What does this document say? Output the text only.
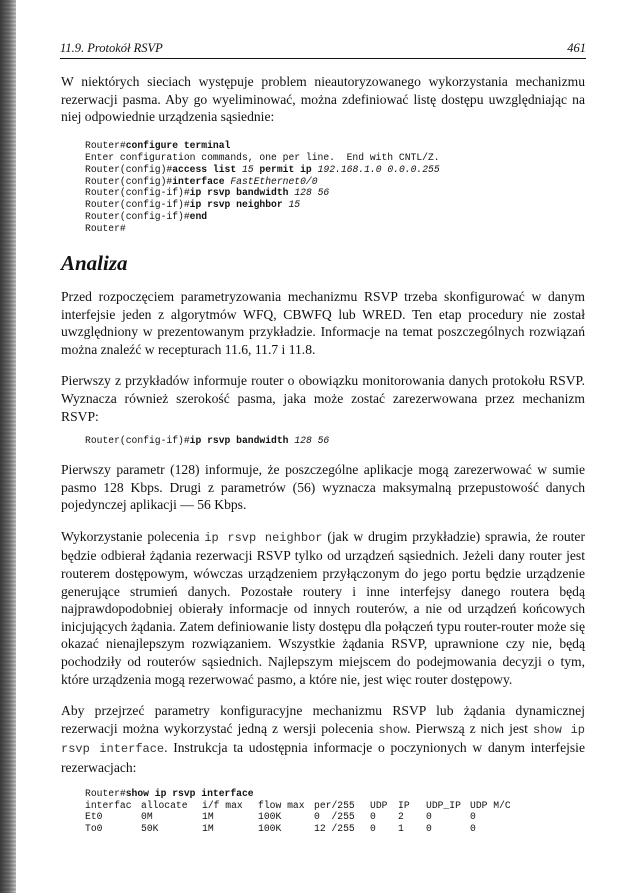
11.9. Protokół RSVP	461

W niektórych sieciach występuje problem nieautoryzowanego wykorzystania mechanizmu rezerwacji pasma. Aby go wyeliminować, można zdefiniować listę dostępu uwzględniając na niej odpowiednie urządzenia sąsiednie:

Router#configure terminal
Enter configuration commands, one per line.  End with CNTL/Z.
Router(config)#access list 15 permit ip 192.168.1.0 0.0.0.255
Router(config)#interface FastEthernet0/0
Router(config-if)#ip rsvp bandwidth 128 56
Router(config-if)#ip rsvp neighbor 15
Router(config-if)#end
Router#
Analiza

Przed rozpoczęciem parametryzowania mechanizmu RSVP trzeba skonfigurować w danym interfejsie jeden z algorytmów WFQ, CBWFQ lub WRED. Ten etap procedury nie został uwzględniony w prezentowanym przykładzie. Informacje na temat poszczególnych rozwiązań można znaleźć w recepturach 11.6, 11.7 i 11.8.

Pierwszy z przykładów informuje router o obowiązku monitorowania danych protokołu RSVP. Wyznacza również szerokość pasma, jaka może zostać zarezerwowana przez mechanizm RSVP:

Router(config-if)#ip rsvp bandwidth 128 56

Pierwszy parametr (128) informuje, że poszczególne aplikacje mogą zarezerwować w sumie pasmo 128 Kbps. Drugi z parametrów (56) wyznacza maksymalną przepustowość danych pojedynczej aplikacji — 56 Kbps.

Wykorzystanie polecenia ip rsvp neighbor (jak w drugim przykładzie) sprawia, że router będzie odbierał żądania rezerwacji RSVP tylko od urządzeń sąsiednich. Jeżeli dany router jest routerem dostępowym, wówczas urządzeniem przyłączonym do jego portu będzie urządzenie generujące strumień danych. Pozostałe routery i inne interfejsy danego routera będą najprawdopodobniej obierały informacje od innych routerów, a nie od urządzeń końcowych inicjujących żądania. Zatem definiowanie listy dostępu dla połączeń typu router-router może się okazać nienajlepszym rozwiązaniem. Wszystkie żądania RSVP, uprawnione czy nie, będą pochodziły od routerów sąsiednich. Najlepszym miejscem do podejmowania decyzji o tym, które urządzenia mogą rezerwować pasmo, a które nie, jest więc router dostępowy.

Aby przejrzeć parametry konfiguracyjne mechanizmu RSVP lub żądania dynamicznej rezerwacji można wykorzystać jedną z wersji polecenia show. Pierwszą z nich jest show ip rsvp interface. Instrukcja ta udostępnia informacje o poczynionych w danym interfejsie rezerwacjach:

Router#show ip rsvp interface
interfac	allocate	i/f max	flow max	per/255	UDP	IP	UDP_IP	UDP M/C
Et0	0M	1M	100K	0  /255	0	2	0	0
To0	50K	1M	100K	12 /255	0	1	0	0
